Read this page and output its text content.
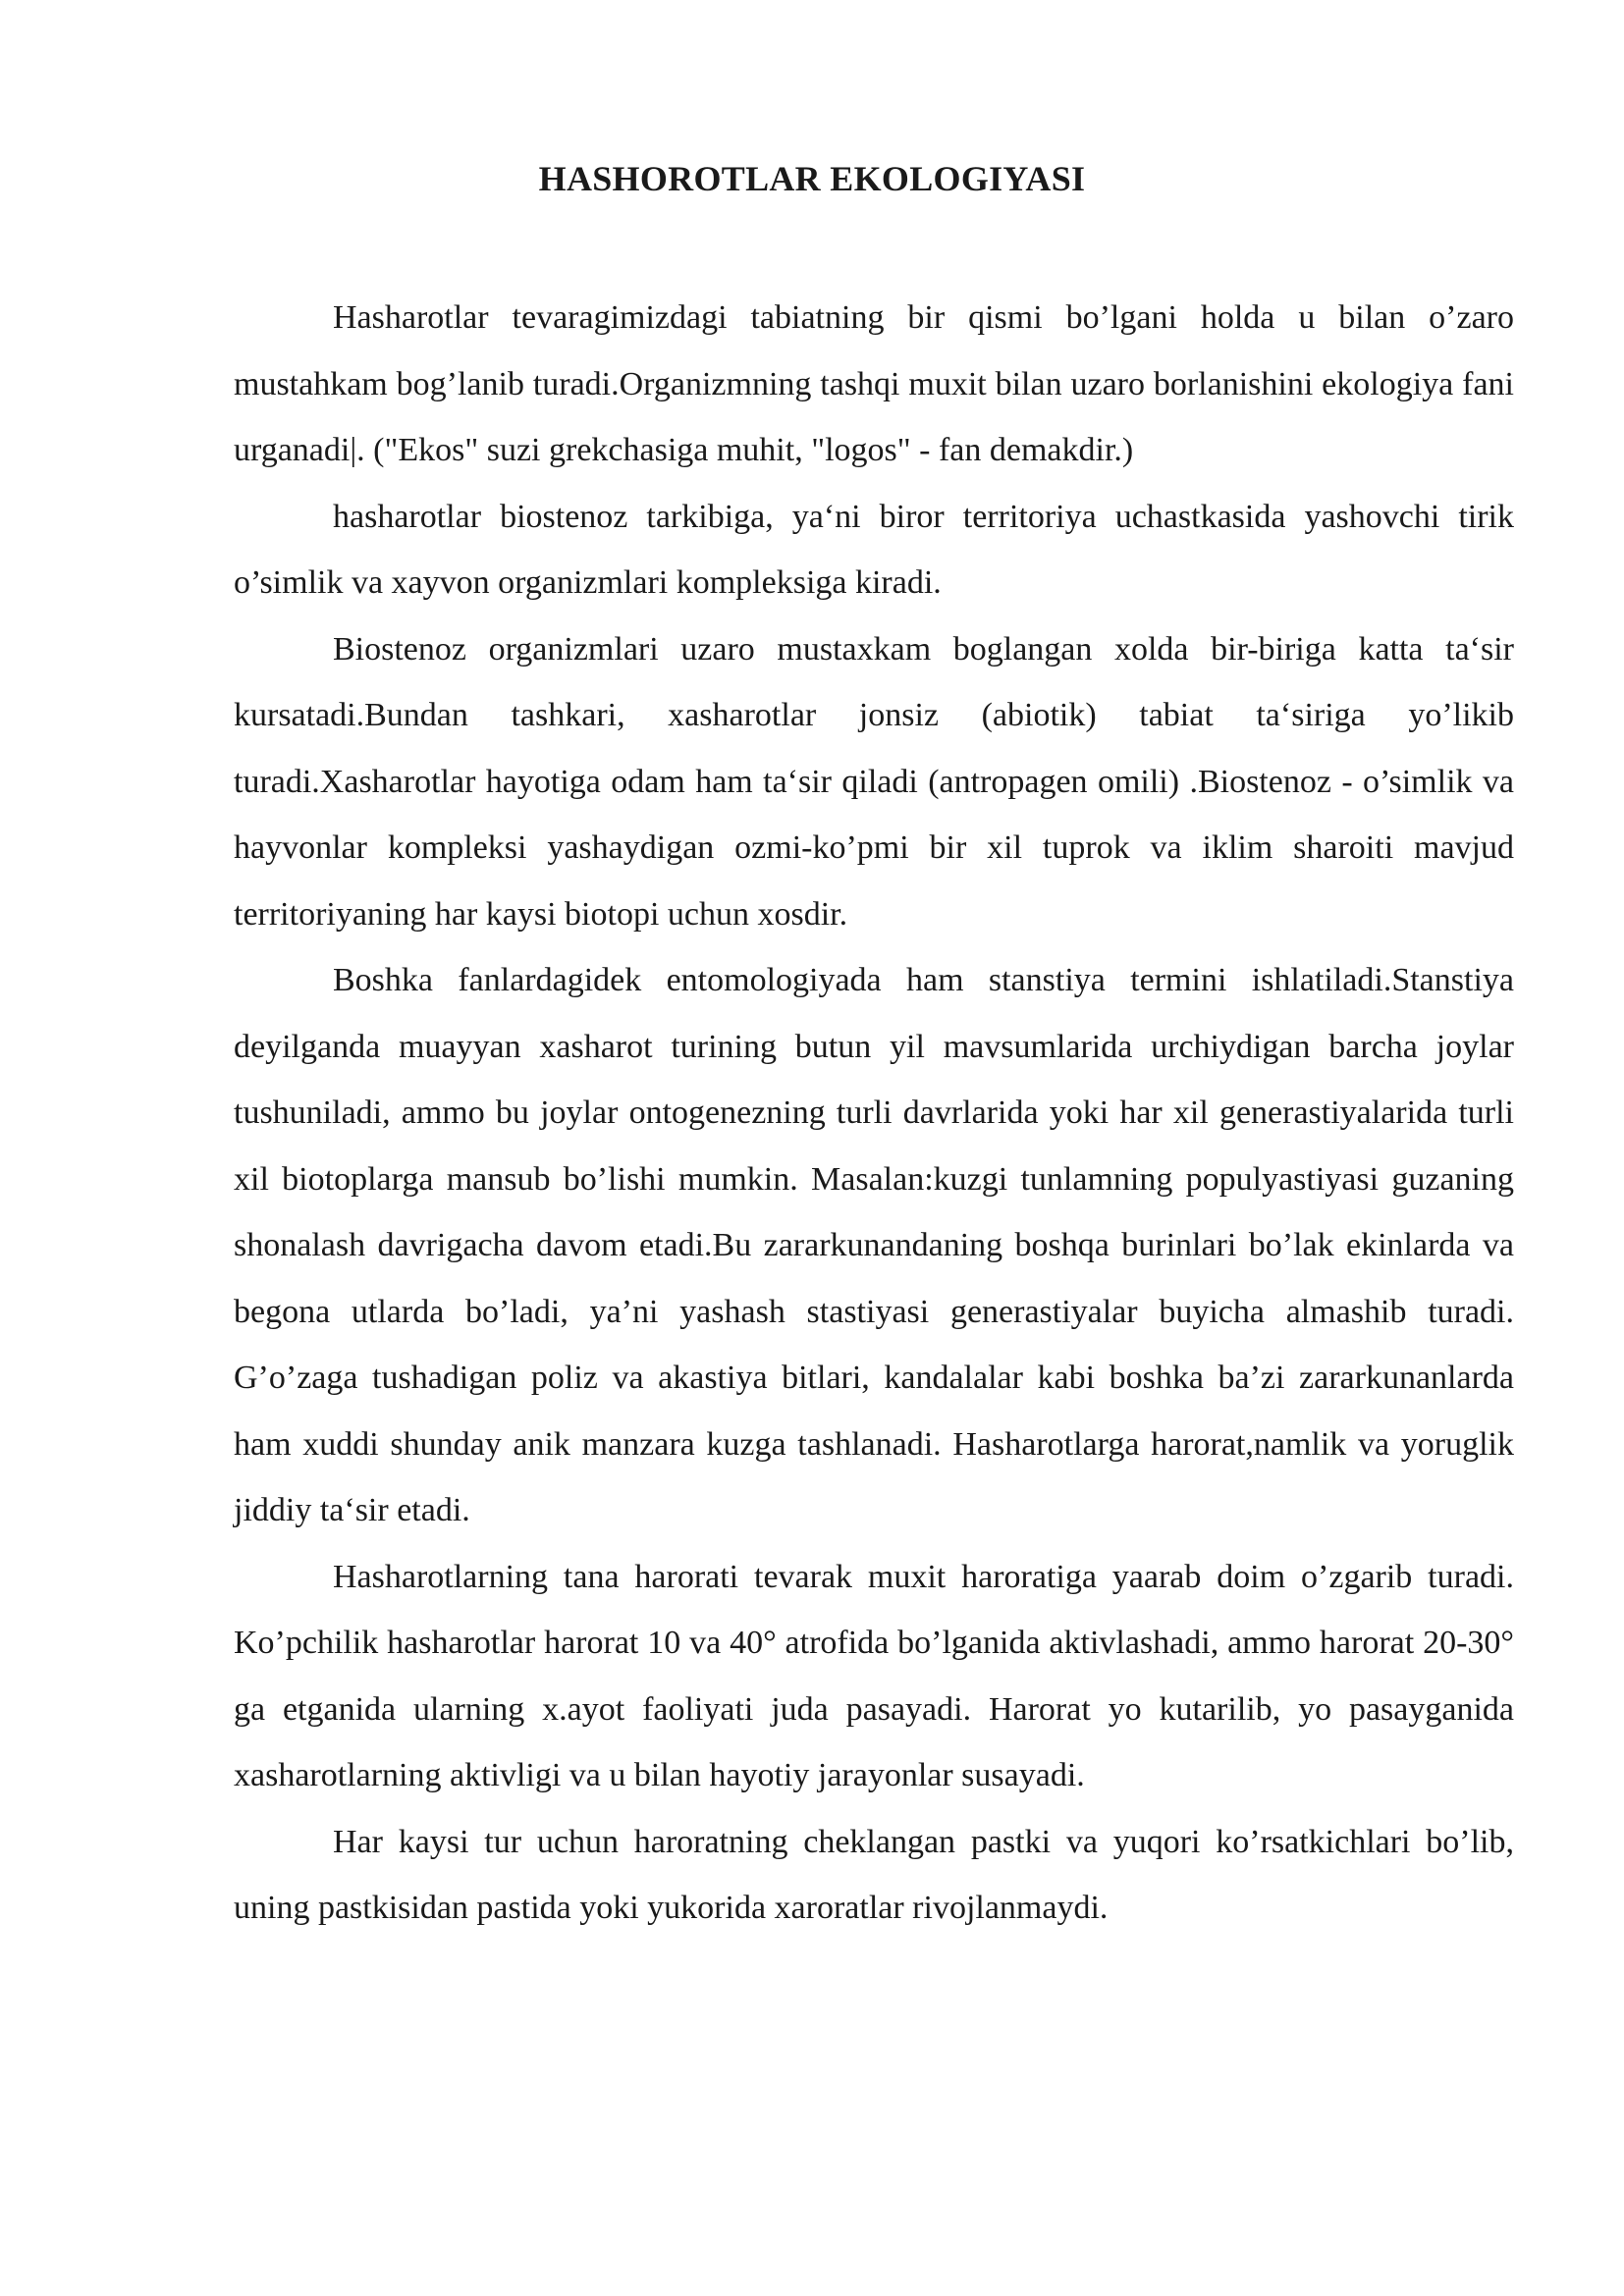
HASHOROTLAR EKOLOGIYASI

Hasharotlar tevaragimizdagi tabiatning bir qismi bo’lgani holda u bilan o’zaro mustahkam bog’lanib turadi.Organizmning tashqi muxit bilan uzaro borlanishini ekologiya fani urganadi|. ("Ekos" suzi grekchasiga muhit, "logos" - fan demakdir.)

hasharotlar biostenoz tarkibiga, ya‘ni biror territoriya uchastkasida yashovchi tirik o’simlik va xayvon organizmlari kompleksiga kiradi.

Biostenoz organizmlari uzaro mustaxkam boglangan xolda bir-biriga katta ta‘sir kursatadi.Bundan tashkari, xasharotlar jonsiz (abiotik) tabiat ta‘siriga yo’likib turadi.Xasharotlar hayotiga odam ham ta‘sir qiladi (antropagen omili) .Biostenoz - o’simlik va hayvonlar kompleksi yashaydigan ozmi-ko’pmi bir xil tuprok va iklim sharoiti mavjud territoriyaning har kaysi biotopi uchun xosdir.

Boshka fanlardagidek entomologiyada ham stanstiya termini ishlatiladi.Stanstiya deyilganda muayyan xasharot turining butun yil mavsumlarida urchiydigan barcha joylar tushuniladi, ammo bu joylar ontogenezning turli davrlarida yoki har xil generastiyalarida turli xil biotoplarga mansub bo’lishi mumkin. Masalan:kuzgi tunlamning populyastiyasi guzaning shonalash davrigacha davom etadi.Bu zararkunandaning boshqa burinlari bo’lak ekinlarda va begona utlarda bo’ladi, ya’ni yashash stastiyasi generastiyalar buyicha almashib turadi. G’o’zaga tushadigan poliz va akastiya bitlari, kandalalar kabi boshka ba’zi zararkunanlarda ham xuddi shunday anik manzara kuzga tashlanadi. Hasharotlarga harorat,namlik va yoruglik jiddiy ta‘sir etadi.

Hasharotlarning tana harorati tevarak muxit haroratiga yaarab doim o’zgarib turadi. Ko’pchilik hasharotlar harorat 10 va 40° atrofida bo’lganida aktivlashadi, ammo harorat 20-30° ga etganida ularning x.ayot faoliyati juda pasayadi. Harorat yo kutarilib, yo pasayganida xasharotlarning aktivligi va u bilan hayotiy jarayonlar susayadi.

Har kaysi tur uchun haroratning cheklangan pastki va yuqori ko’rsatkichlari bo’lib, uning pastkisidan pastida yoki yukorida xaroratlar rivojlanmaydi.
